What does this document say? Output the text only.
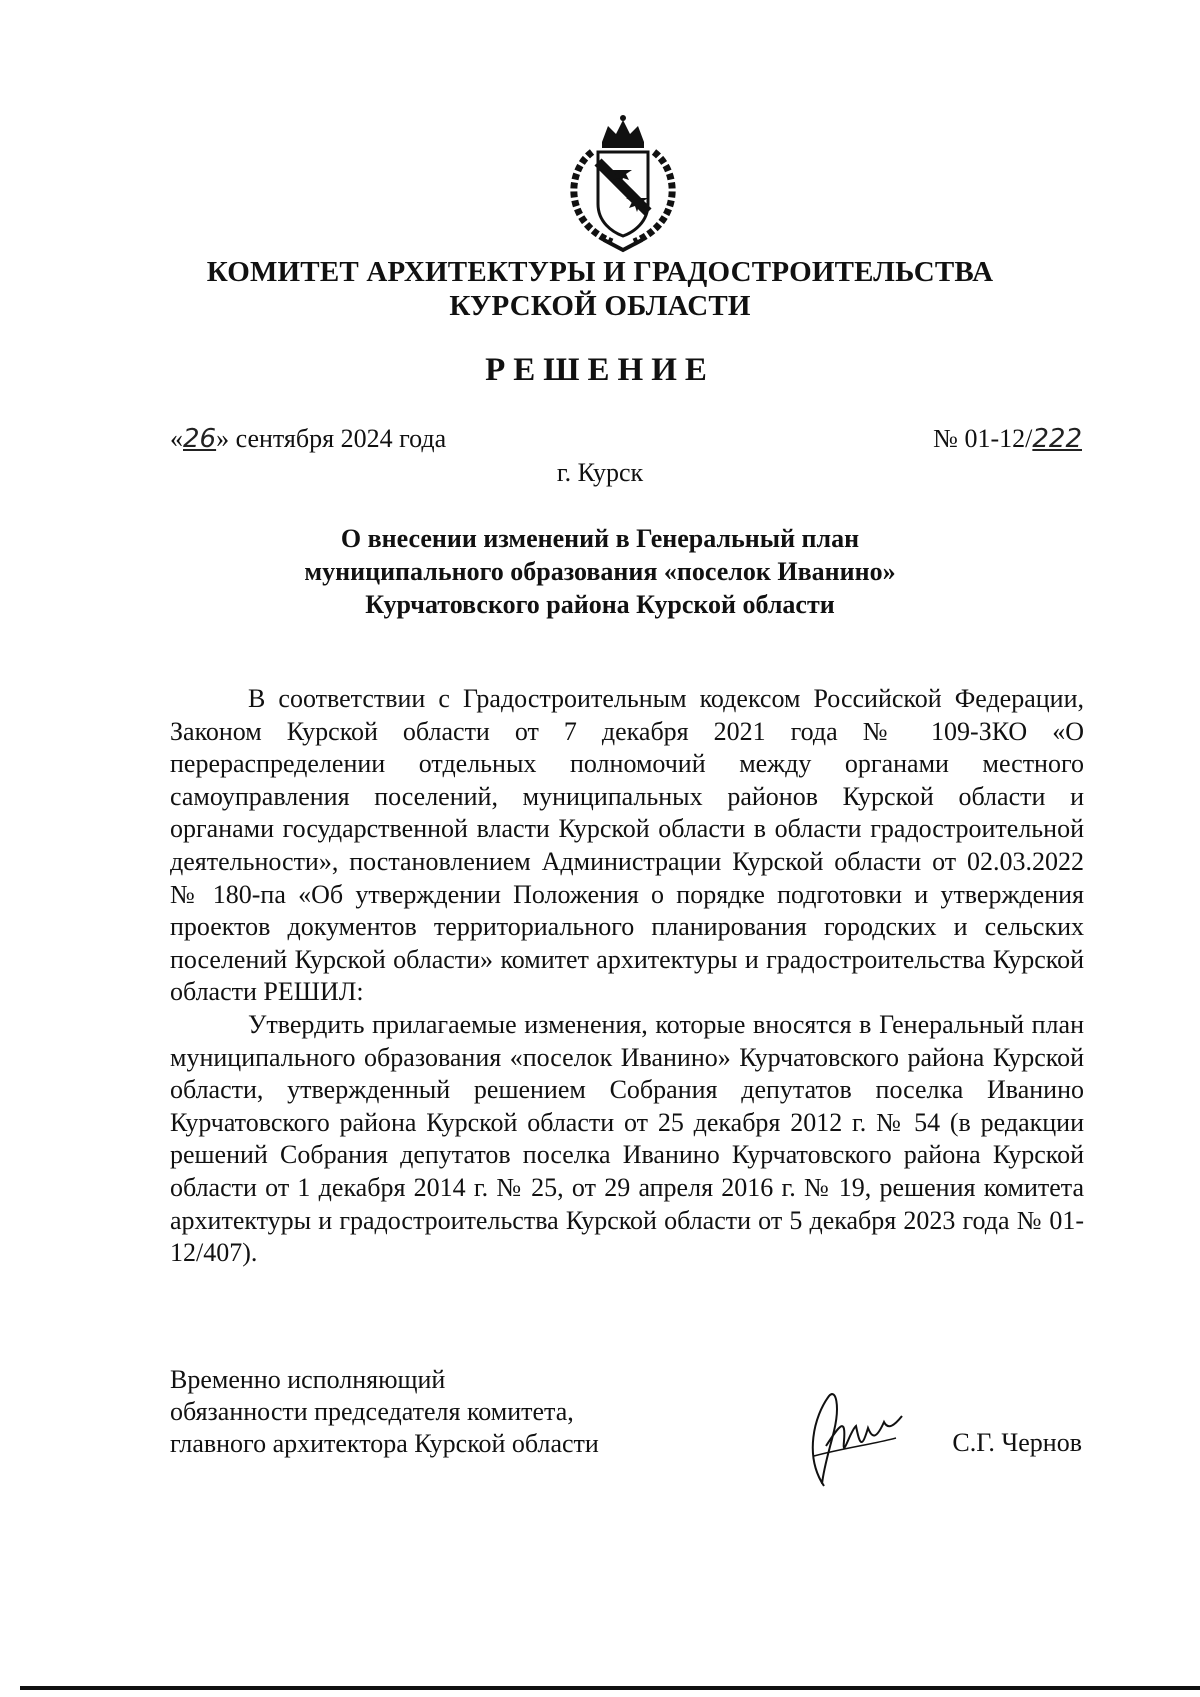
КОМИТЕТ АРХИТЕКТУРЫ И ГРАДОСТРОИТЕЛЬСТВА
КУРСКОЙ ОБЛАСТИ
РЕШЕНИЕ
«26» сентября 2024 года	№ 01-12/222
г. Курск
О внесении изменений в Генеральный план
муниципального образования «поселок Иванино»
Курчатовского района Курской области

В соответствии с Градостроительным кодексом Российской Федерации, Законом Курской области от 7 декабря 2021 года № 109-ЗКО «О перераспределении отдельных полномочий между органами местного самоуправления поселений, муниципальных районов Курской области и органами государственной власти Курской области в области градостроительной деятельности», постановлением Администрации Курской области от 02.03.2022 № 180-па «Об утверждении Положения о порядке подготовки и утверждения проектов документов территориального планирования городских и сельских поселений Курской области» комитет архитектуры и градостроительства Курской области РЕШИЛ:

Утвердить прилагаемые изменения, которые вносятся в Генеральный план муниципального образования «поселок Иванино» Курчатовского района Курской области, утвержденный решением Собрания депутатов поселка Иванино Курчатовского района Курской области от 25 декабря 2012 г. № 54 (в редакции решений Собрания депутатов поселка Иванино Курчатовского района Курской области от 1 декабря 2014 г. № 25, от 29 апреля 2016 г. № 19, решения комитета архитектуры и градостроительства Курской области от 5 декабря 2023 года № 01-12/407).

Временно исполняющий
обязанности председателя комитета,
главного архитектора Курской области	С.Г. Чернов
